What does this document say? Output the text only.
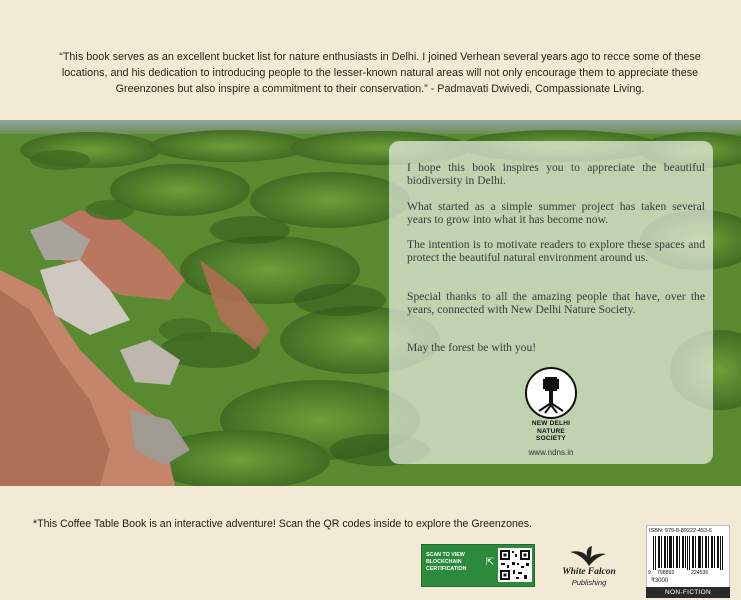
“This book serves as an excellent bucket list for nature enthusiasts in Delhi. I joined Verhean several years ago to recce some of these locations, and his dedication to introducing people to the lesser-known natural areas will not only encourage them to appreciate these Greenzones but also inspire a commitment to their conservation.” - Padmavati Dwivedi, Compassionate Living.

I hope this book inspires you to appreciate the beautiful biodiversity in Delhi.

What started as a simple summer project has taken several years to grow into what it has become now.

The intention is to motivate readers to explore these spaces and protect the beautiful natural environment around us.

Special thanks to all the amazing people that have, over the years, connected with New Delhi Nature Society.

May the forest be with you!

NEW DELHI
NATURE
SOCIETY
www.ndns.in

*This Coffee Table Book is an interactive adventure! Scan the QR codes inside to explore the Greenzones.

SCAN TO VIEW
BLOCKCHAIN
CERTIFICATION
⇱
White Falcon
Publishing
ISBN: 979-8-89222-453-6
9 798892	224536
₹3000
NON-FICTION
